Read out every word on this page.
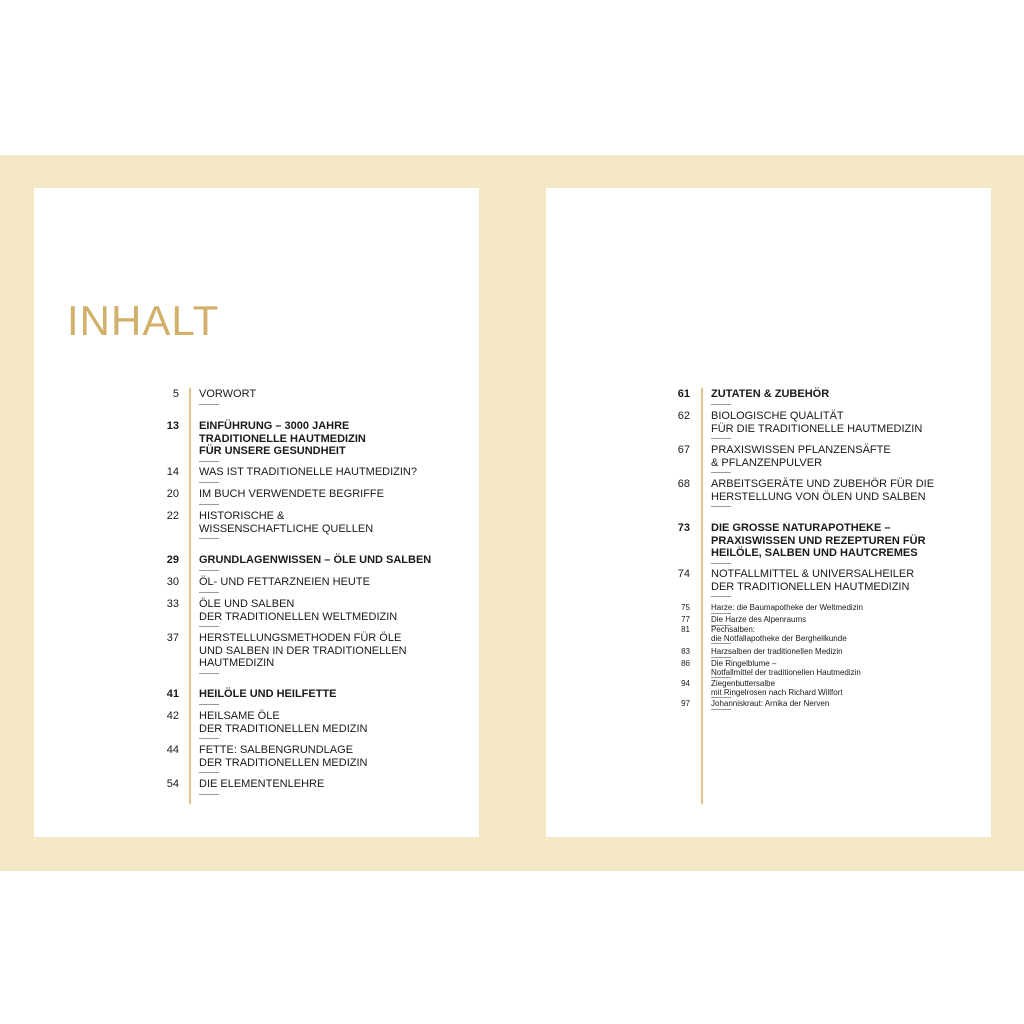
INHALT
5 VORWORT
13 EINFÜHRUNG – 3000 JAHRE
TRADITIONELLE HAUTMEDIZIN
FÜR UNSERE GESUNDHEIT
14 WAS IST TRADITIONELLE HAUTMEDIZIN?
20 IM BUCH VERWENDETE BEGRIFFE
22 HISTORISCHE &
WISSENSCHAFTLICHE QUELLEN
29 GRUNDLAGENWISSEN – ÖLE UND SALBEN
30 ÖL- UND FETTARZNEIEN HEUTE
33 ÖLE UND SALBEN
DER TRADITIONELLEN WELTMEDIZIN
37 HERSTELLUNGSMETHODEN FÜR ÖLE
UND SALBEN IN DER TRADITIONELLEN
HAUTMEDIZIN
41 HEILÖLE UND HEILFETTE
42 HEILSAME ÖLE
DER TRADITIONELLEN MEDIZIN
44 FETTE: SALBENGRUNDLAGE
DER TRADITIONELLEN MEDIZIN
54 DIE ELEMENTENLEHRE
61 ZUTATEN & ZUBEHÖR
62 BIOLOGISCHE QUALITÄT
FÜR DIE TRADITIONELLE HAUTMEDIZIN
67 PRAXISWISSEN PFLANZENSÄFTE
& PFLANZENPULVER
68 ARBEITSGERÄTE UND ZUBEHÖR FÜR DIE
HERSTELLUNG VON ÖLEN UND SALBEN
73 DIE GROSSE NATURAPOTHEKE –
PRAXISWISSEN UND REZEPTUREN FÜR
HEILÖLE, SALBEN UND HAUTCREMES
74 NOTFALLMITTEL & UNIVERSALHEILER
DER TRADITIONELLEN HAUTMEDIZIN
75	Harze: die Baumapotheke der Weltmedizin
77	Die Harze des Alpenraums
81	Pechsalben:
die Notfallapotheke der Bergheilkunde
83	Harzsalben der traditionellen Medizin
86	Die Ringelblume –
Notfallmittel der traditionellen Hautmedizin
94	Ziegenbuttersalbe
mit Ringelrosen nach Richard Willfort
97	Johanniskraut: Arnika der Nerven
